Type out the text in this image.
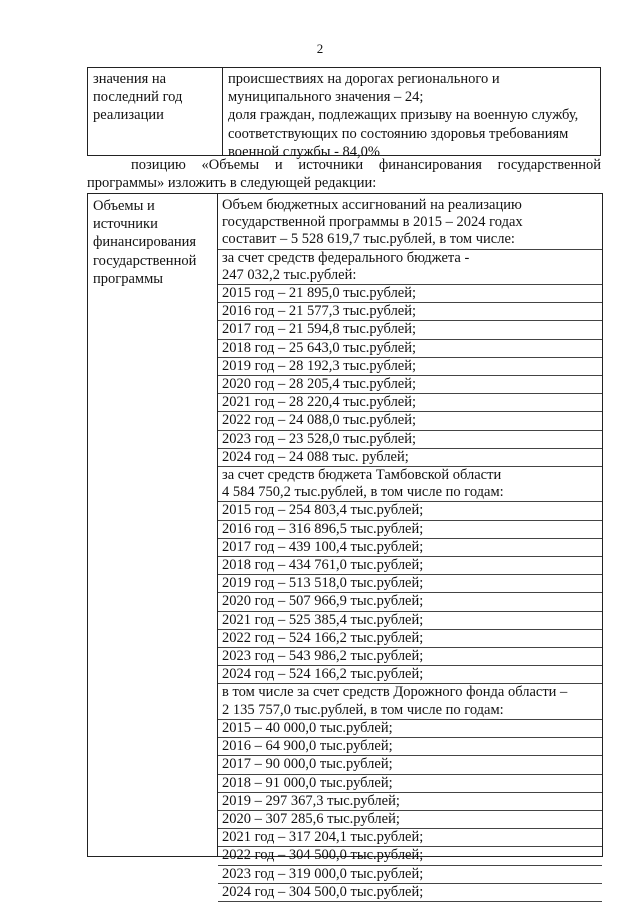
2
значения на
последний год
реализации
происшествиях на дорогах регионального и
муниципального значения – 24;
доля граждан, подлежащих призыву на военную службу,
соответствующих по состоянию здоровья требованиям
военной службы - 84,0%
позицию «Объемы и источники финансирования государственной
программы» изложить в следующей редакции:
Объемы и
источники
финансирования
государственной
программы
Объем бюджетных ассигнований на реализацию
государственной программы в 2015 – 2024 годах
составит – 5 528 619,7 тыс.рублей, в том числе:
за счет средств федерального бюджета -
247 032,2 тыс.рублей:
2015 год – 21 895,0 тыс.рублей;
2016 год – 21 577,3 тыс.рублей;
2017 год – 21 594,8 тыс.рублей;
2018 год – 25 643,0 тыс.рублей;
2019 год – 28 192,3 тыс.рублей;
2020 год – 28 205,4 тыс.рублей;
2021 год – 28 220,4 тыс.рублей;
2022 год – 24 088,0 тыс.рублей;
2023 год – 23 528,0 тыс.рублей;
2024 год – 24 088 тыс. рублей;
за счет средств бюджета Тамбовской области
4 584 750,2 тыс.рублей, в том числе по годам:
2015 год – 254 803,4 тыс.рублей;
2016 год – 316 896,5 тыс.рублей;
2017 год – 439 100,4 тыс.рублей;
2018 год – 434 761,0 тыс.рублей;
2019 год – 513 518,0 тыс.рублей;
2020 год – 507 966,9 тыс.рублей;
2021 год – 525 385,4 тыс.рублей;
2022 год – 524 166,2 тыс.рублей;
2023 год – 543 986,2 тыс.рублей;
2024 год – 524 166,2 тыс.рублей;
в том числе за счет средств Дорожного фонда области –
2 135 757,0 тыс.рублей, в том числе по годам:
2015 – 40 000,0 тыс.рублей;
2016 – 64 900,0 тыс.рублей;
2017 – 90 000,0 тыс.рублей;
2018 – 91 000,0 тыс.рублей;
2019 – 297 367,3 тыс.рублей;
2020 – 307 285,6 тыс.рублей;
2021 год – 317 204,1 тыс.рублей;
2022 год – 304 500,0 тыс.рублей;
2023 год – 319 000,0 тыс.рублей;
2024 год – 304 500,0 тыс.рублей;
